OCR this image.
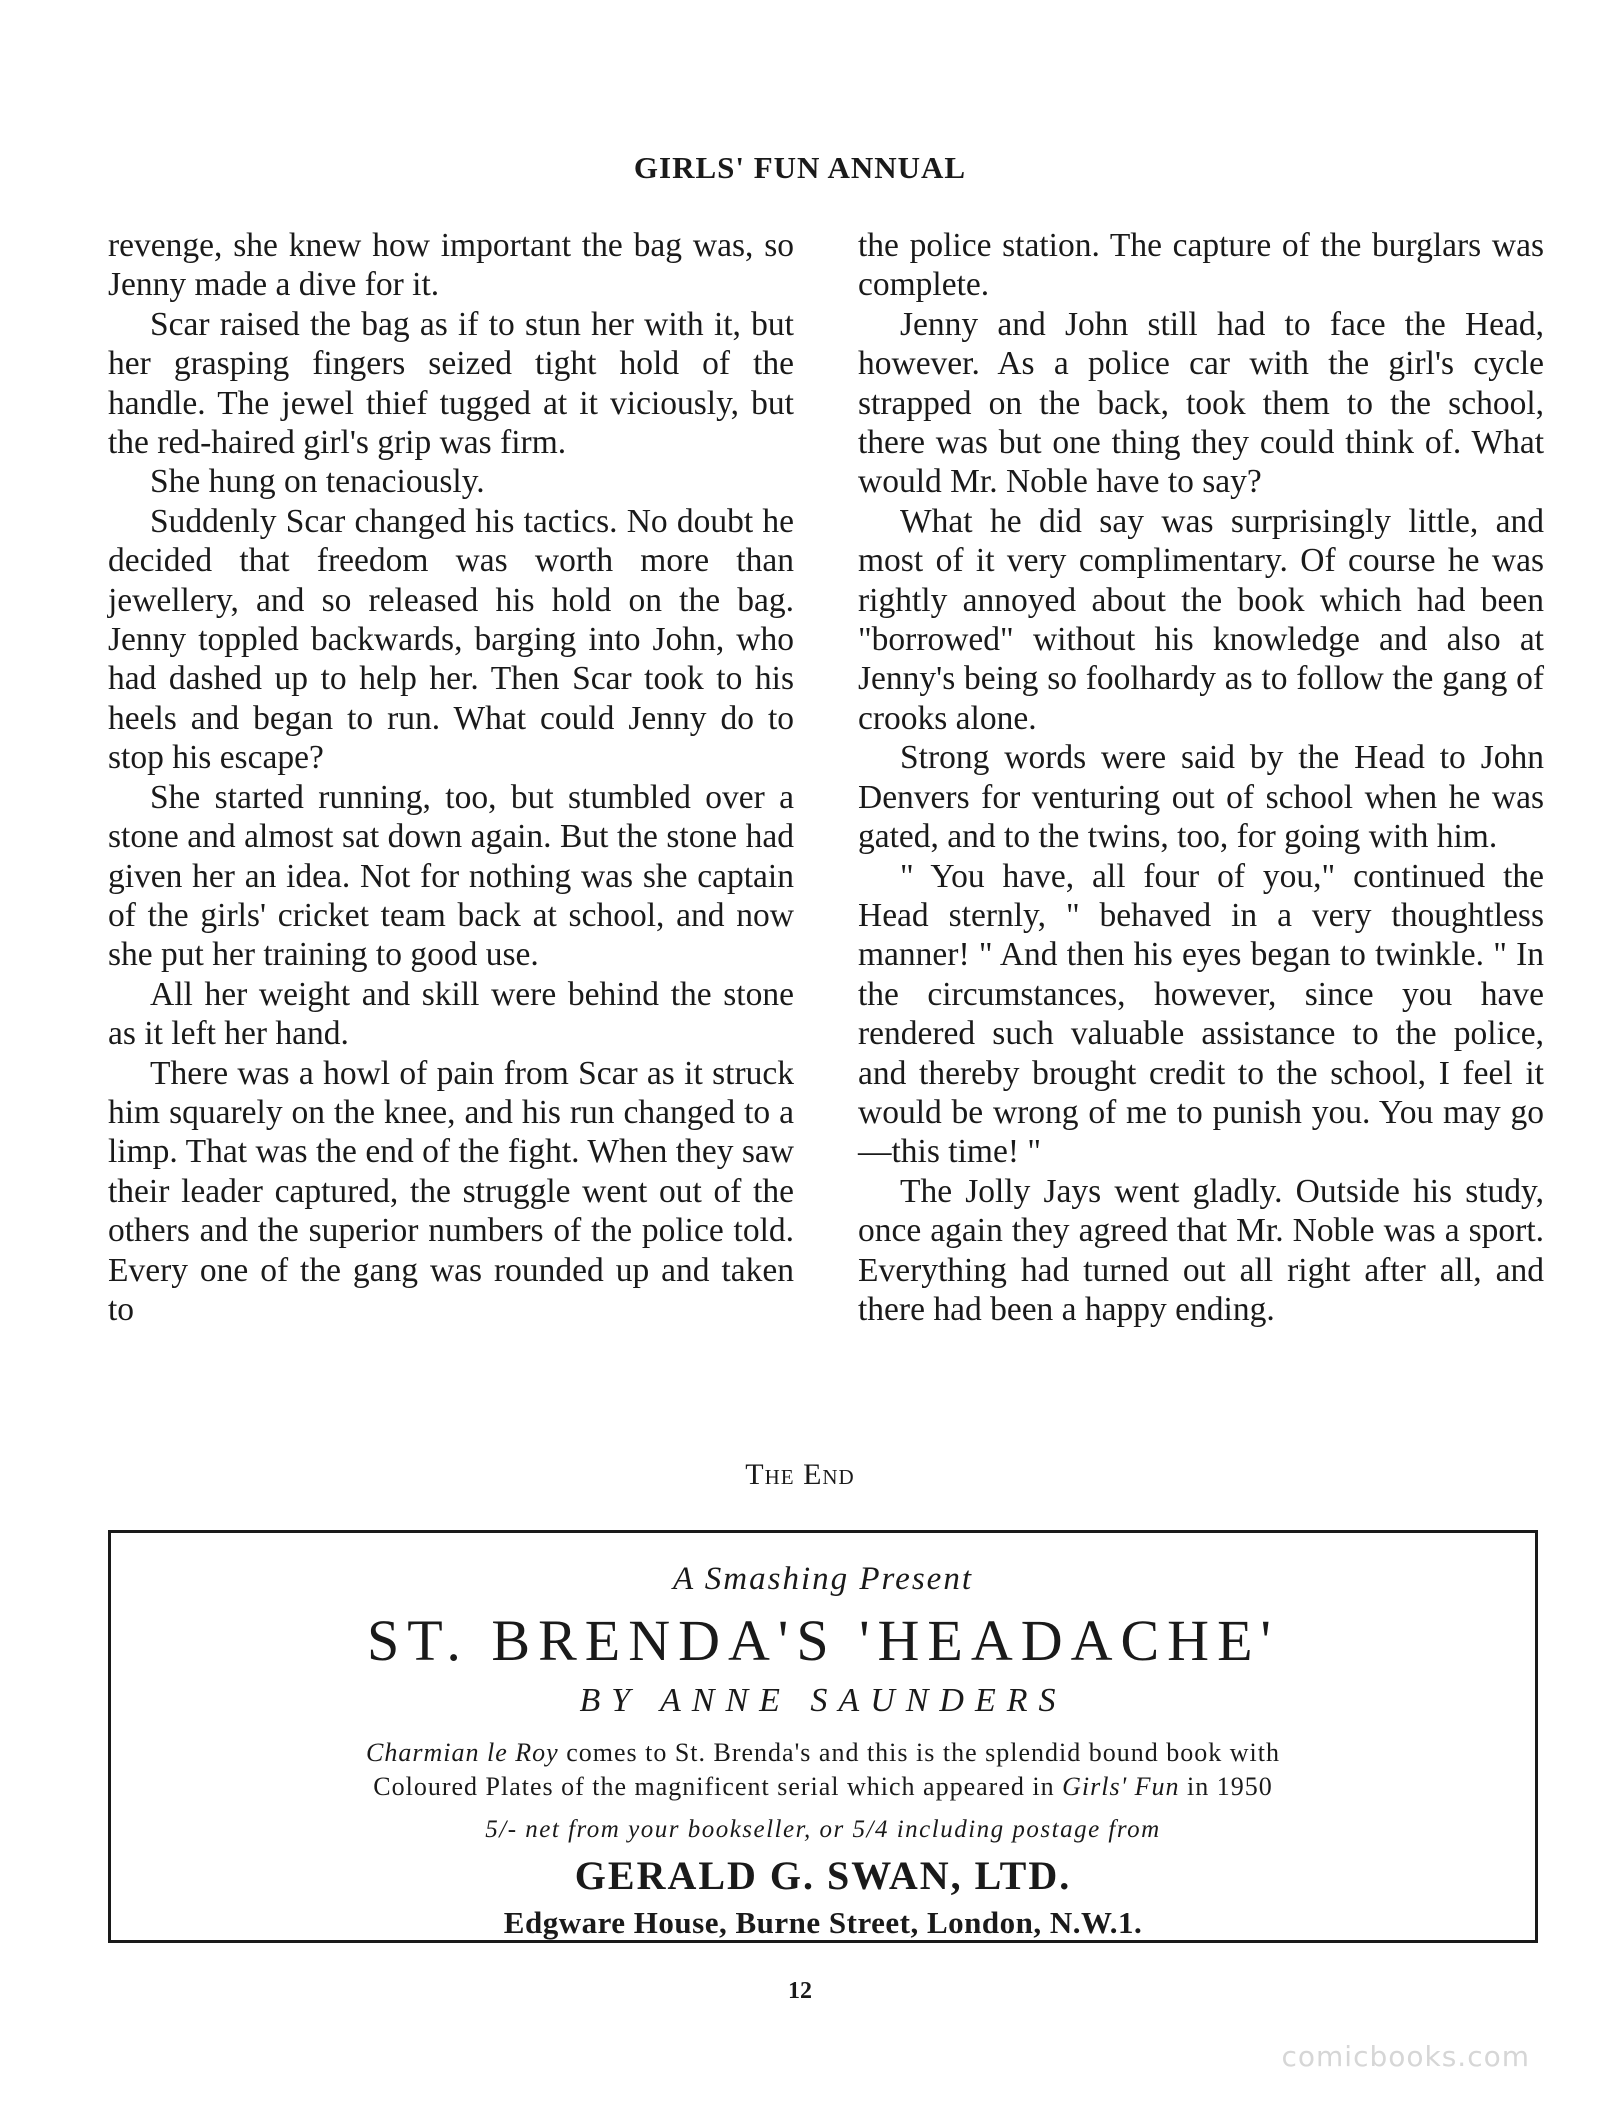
GIRLS' FUN ANNUAL

revenge, she knew how important the bag was, so Jenny made a dive for it.

Scar raised the bag as if to stun her with it, but her grasping fingers seized tight hold of the handle. The jewel thief tugged at it viciously, but the red-haired girl's grip was firm.

She hung on tenaciously.

Suddenly Scar changed his tactics. No doubt he decided that freedom was worth more than jewellery, and so released his hold on the bag. Jenny toppled backwards, barging into John, who had dashed up to help her. Then Scar took to his heels and began to run. What could Jenny do to stop his escape?

She started running, too, but stumbled over a stone and almost sat down again. But the stone had given her an idea. Not for nothing was she captain of the girls' cricket team back at school, and now she put her training to good use.

All her weight and skill were behind the stone as it left her hand.

There was a howl of pain from Scar as it struck him squarely on the knee, and his run changed to a limp. That was the end of the fight. When they saw their leader captured, the struggle went out of the others and the superior numbers of the police told. Every one of the gang was rounded up and taken to

the police station. The capture of the burglars was complete.

Jenny and John still had to face the Head, however. As a police car with the girl's cycle strapped on the back, took them to the school, there was but one thing they could think of. What would Mr. Noble have to say?

What he did say was surprisingly little, and most of it very complimentary. Of course he was rightly annoyed about the book which had been "borrowed" without his knowledge and also at Jenny's being so foolhardy as to follow the gang of crooks alone.

Strong words were said by the Head to John Denvers for venturing out of school when he was gated, and to the twins, too, for going with him.

" You have, all four of you," continued the Head sternly, " behaved in a very thoughtless manner! " And then his eyes began to twinkle. " In the circumstances, however, since you have rendered such valuable assistance to the police, and thereby brought credit to the school, I feel it would be wrong of me to punish you. You may go—this time! "

The Jolly Jays went gladly. Outside his study, once again they agreed that Mr. Noble was a sport. Everything had turned out all right after all, and there had been a happy ending.

The End
A Smashing Present
ST. BRENDA'S 'HEADACHE'
BY ANNE SAUNDERS
Charmian le Roy comes to St. Brenda's and this is the splendid bound book with
Coloured Plates of the magnificent serial which appeared in Girls' Fun in 1950
5/- net from your bookseller, or 5/4 including postage from
GERALD G. SWAN, LTD.
Edgware House, Burne Street, London, N.W.1.
12
comicbooks.com
